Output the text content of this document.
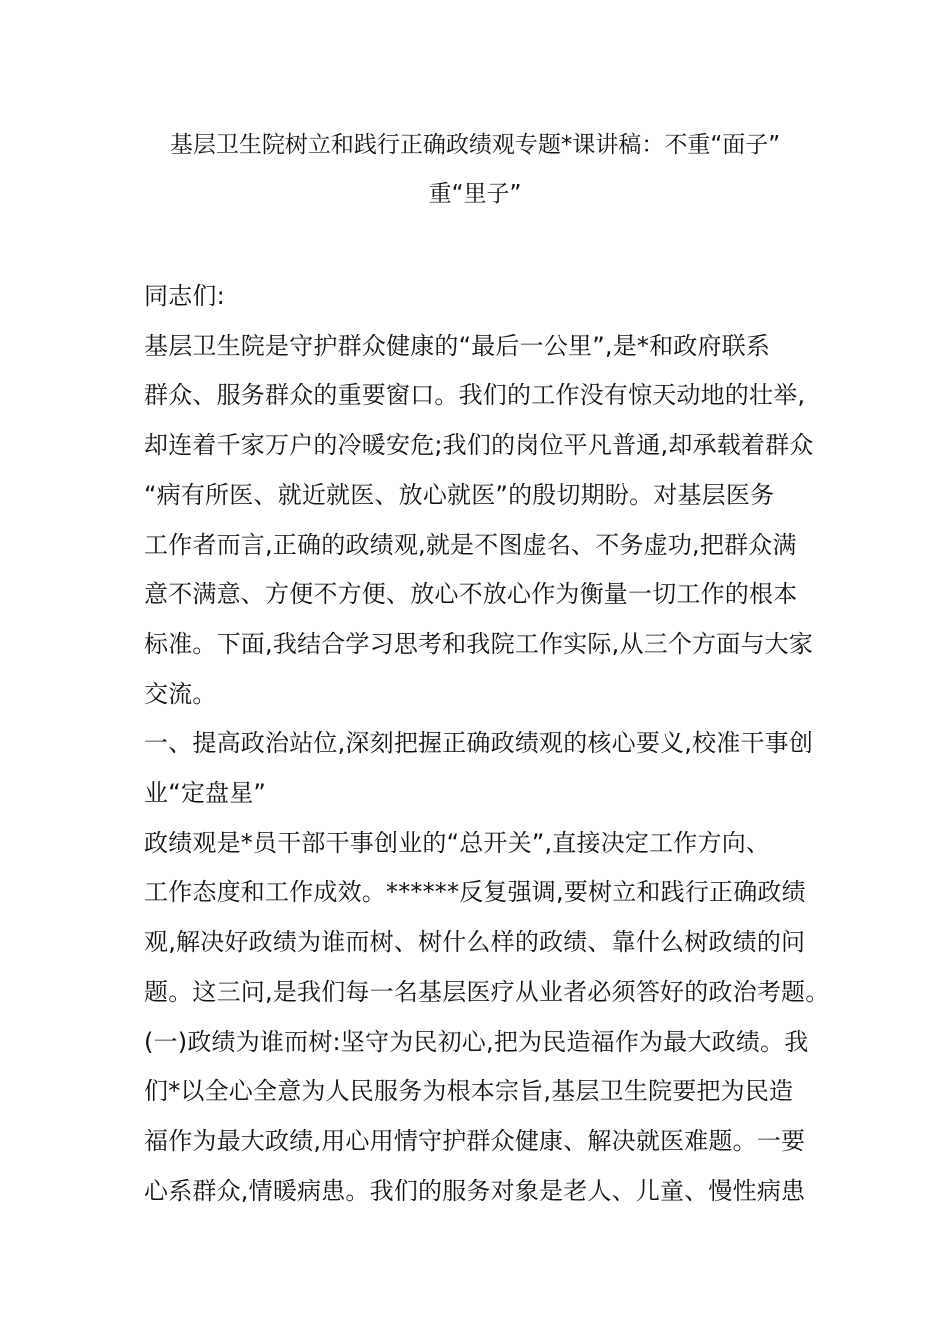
基层卫生院树立和践行正确政绩观专题*课讲稿：不重“面子”
重“里子”
同志们:
基层卫生院是守护群众健康的“最后一公里”,是*和政府联系
群众、服务群众的重要窗口。我们的工作没有惊天动地的壮举,
却连着千家万户的冷暖安危;我们的岗位平凡普通,却承载着群众
“病有所医、就近就医、放心就医”的殷切期盼。对基层医务
工作者而言,正确的政绩观,就是不图虚名、不务虚功,把群众满
意不满意、方便不方便、放心不放心作为衡量一切工作的根本
标准。下面,我结合学习思考和我院工作实际,从三个方面与大家
交流。
一、提高政治站位,深刻把握正确政绩观的核心要义,校准干事创
业“定盘星”
政绩观是*员干部干事创业的“总开关”,直接决定工作方向、
工作态度和工作成效。******反复强调,要树立和践行正确政绩
观,解决好政绩为谁而树、树什么样的政绩、靠什么树政绩的问
题。这三问,是我们每一名基层医疗从业者必须答好的政治考题。
(一)政绩为谁而树:坚守为民初心,把为民造福作为最大政绩。我
们*以全心全意为人民服务为根本宗旨,基层卫生院要把为民造
福作为最大政绩,用心用情守护群众健康、解决就医难题。一要
心系群众,情暖病患。我们的服务对象是老人、儿童、慢性病患
